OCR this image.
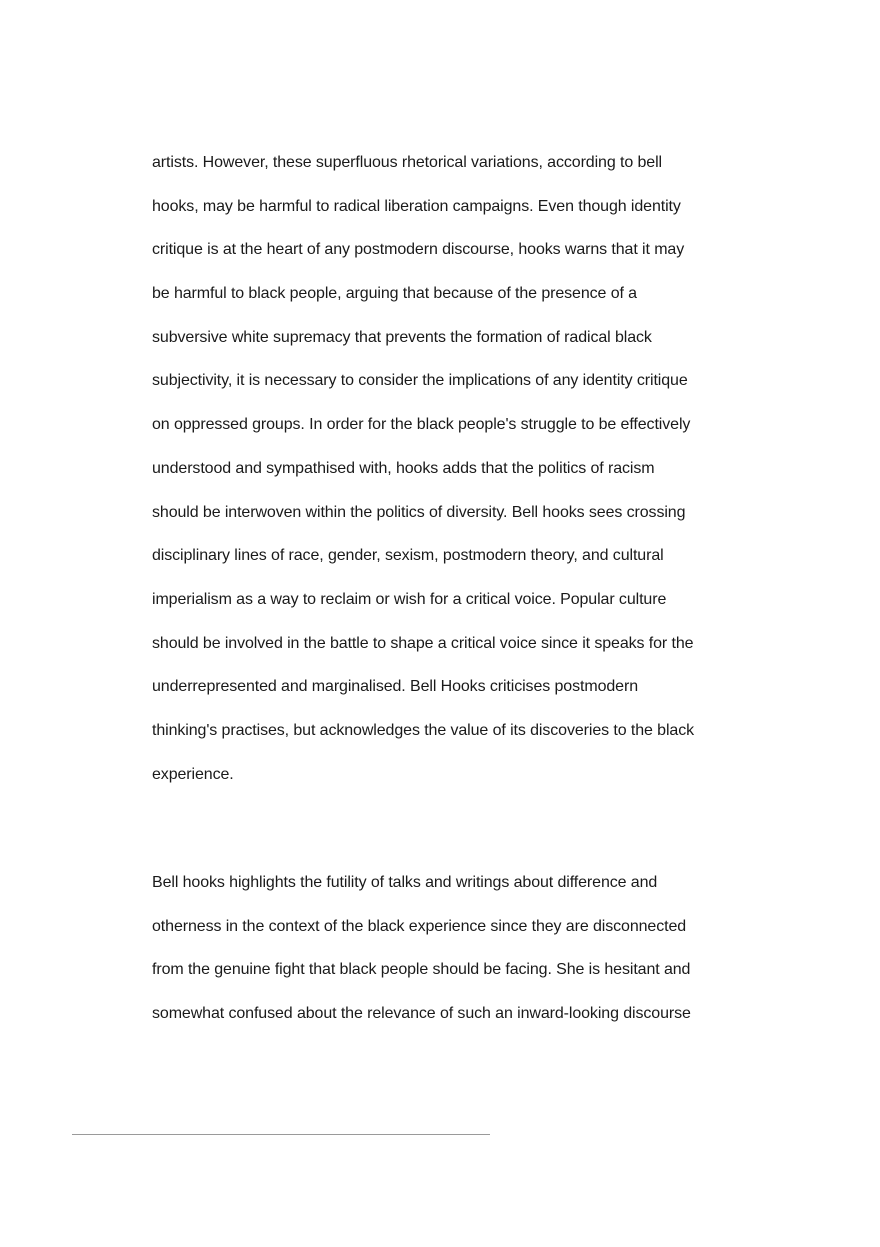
artists. However, these superfluous rhetorical variations, according to bell
hooks, may be harmful to radical liberation campaigns. Even though identity
critique is at the heart of any postmodern discourse, hooks warns that it may
be harmful to black people, arguing that because of the presence of a
subversive white supremacy that prevents the formation of radical black
subjectivity, it is necessary to consider the implications of any identity critique
on oppressed groups. In order for the black people's struggle to be effectively
understood and sympathised with, hooks adds that the politics of racism
should be interwoven within the politics of diversity. Bell hooks sees crossing
disciplinary lines of race, gender, sexism, postmodern theory, and cultural
imperialism as a way to reclaim or wish for a critical voice. Popular culture
should be involved in the battle to shape a critical voice since it speaks for the
underrepresented and marginalised. Bell Hooks criticises postmodern
thinking's practises, but acknowledges the value of its discoveries to the black
experience.
Bell hooks highlights the futility of talks and writings about difference and
otherness in the context of the black experience since they are disconnected
from the genuine fight that black people should be facing. She is hesitant and
somewhat confused about the relevance of such an inward-looking discourse
